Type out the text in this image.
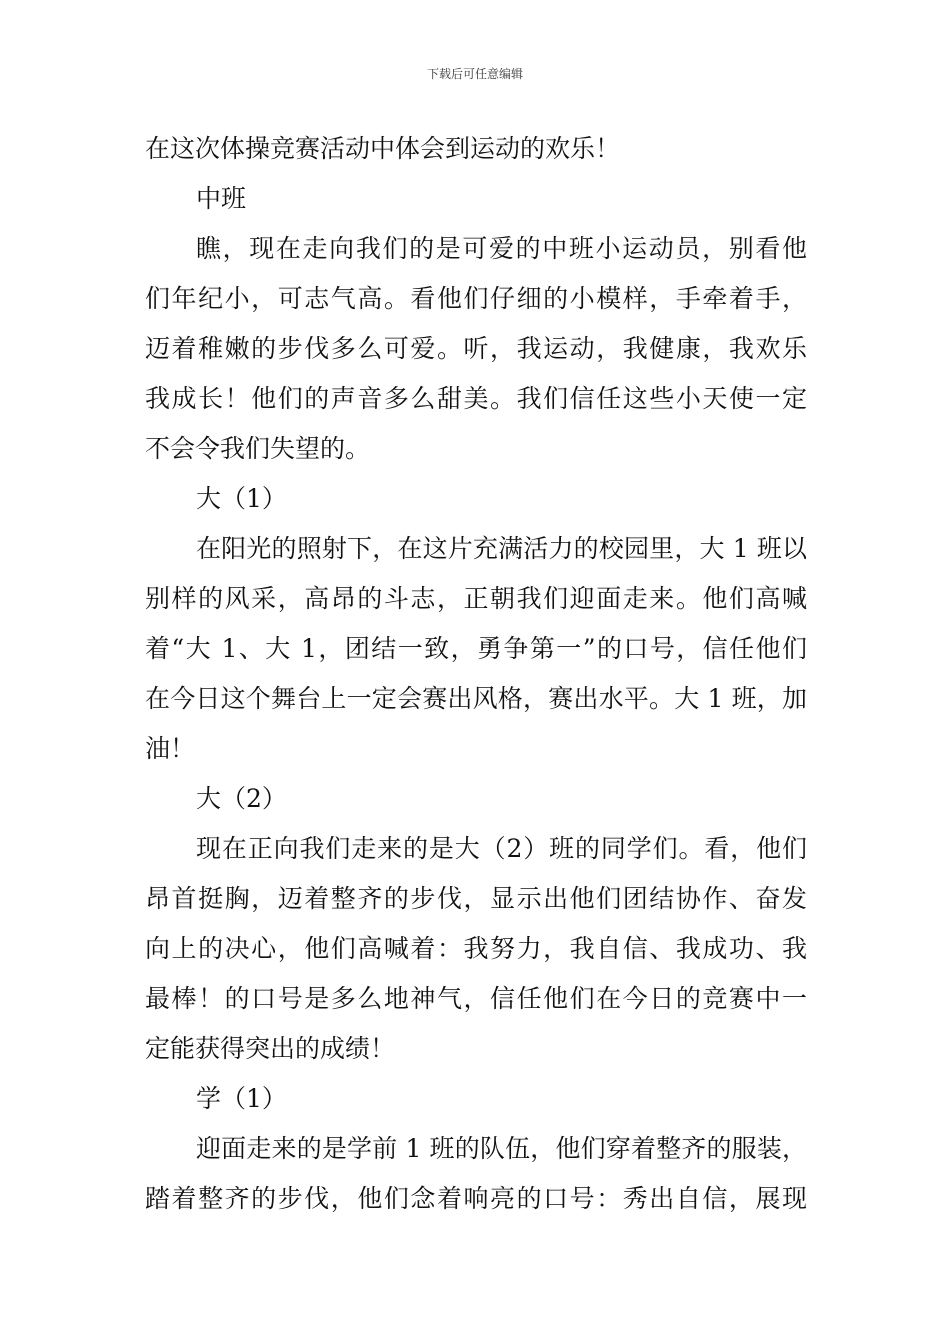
下载后可任意编辑
在这次体操竞赛活动中体会到运动的欢乐！
中班
瞧，现在走向我们的是可爱的中班小运动员，别看他
们年纪小，可志气高。看他们仔细的小模样，手牵着手，
迈着稚嫩的步伐多么可爱。听，我运动，我健康，我欢乐
我成长！他们的声音多么甜美。我们信任这些小天使一定
不会令我们失望的。
大（1）
在阳光的照射下，在这片充满活力的校园里，大 1 班以
别样的风采，高昂的斗志，正朝我们迎面走来。他们高喊
着“大 1、大 1，团结一致，勇争第一”的口号，信任他们
在今日这个舞台上一定会赛出风格，赛出水平。大 1 班，加
油！
大（2）
现在正向我们走来的是大（2）班的同学们。看，他们
昂首挺胸，迈着整齐的步伐，显示出他们团结协作、奋发
向上的决心，他们高喊着：我努力，我自信、我成功、我
最棒！的口号是多么地神气，信任他们在今日的竞赛中一
定能获得突出的成绩！
学（1）
迎面走来的是学前 1 班的队伍，他们穿着整齐的服装，
踏着整齐的步伐，他们念着响亮的口号：秀出自信，展现
